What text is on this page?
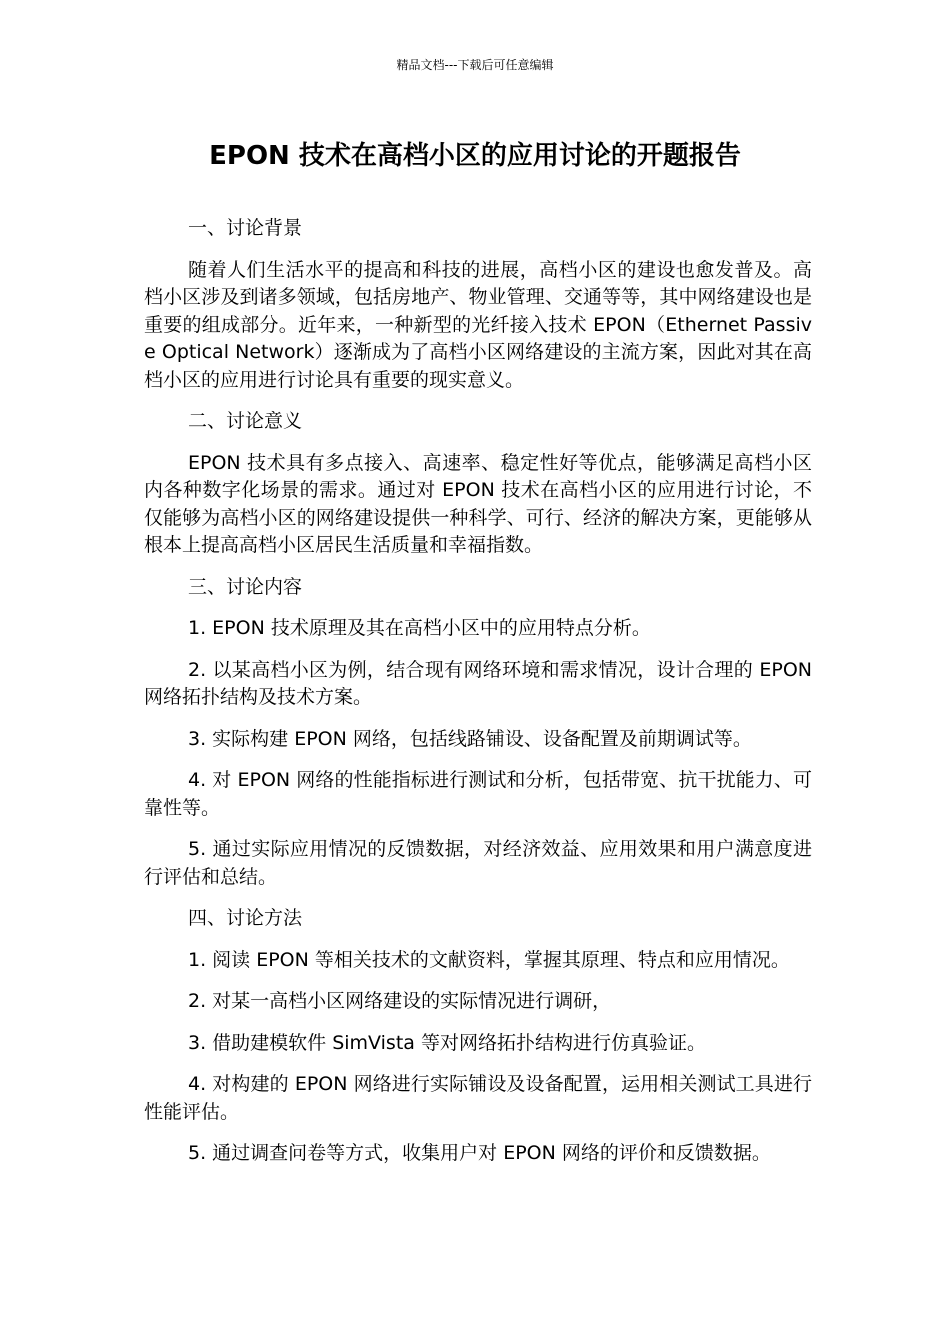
精品文档---下载后可任意编辑
EPON 技术在高档小区的应用讨论的开题报告

一、讨论背景

随着人们生活水平的提高和科技的进展，高档小区的建设也愈发普及。高档小区涉及到诸多领域，包括房地产、物业管理、交通等等，其中网络建设也是重要的组成部分。近年来，一种新型的光纤接入技术 EPON（Ethernet Passive Optical Network）逐渐成为了高档小区网络建设的主流方案，因此对其在高档小区的应用进行讨论具有重要的现实意义。

二、讨论意义

EPON 技术具有多点接入、高速率、稳定性好等优点，能够满足高档小区内各种数字化场景的需求。通过对 EPON 技术在高档小区的应用进行讨论，不仅能够为高档小区的网络建设提供一种科学、可行、经济的解决方案，更能够从根本上提高高档小区居民生活质量和幸福指数。

三、讨论内容

1. EPON 技术原理及其在高档小区中的应用特点分析。

2. 以某高档小区为例，结合现有网络环境和需求情况，设计合理的 EPON 网络拓扑结构及技术方案。

3. 实际构建 EPON 网络，包括线路铺设、设备配置及前期调试等。

4. 对 EPON 网络的性能指标进行测试和分析，包括带宽、抗干扰能力、可靠性等。

5. 通过实际应用情况的反馈数据，对经济效益、应用效果和用户满意度进行评估和总结。

四、讨论方法

1. 阅读 EPON 等相关技术的文献资料，掌握其原理、特点和应用情况。

2. 对某一高档小区网络建设的实际情况进行调研，

3. 借助建模软件 SimVista 等对网络拓扑结构进行仿真验证。

4. 对构建的 EPON 网络进行实际铺设及设备配置，运用相关测试工具进行性能评估。

5. 通过调查问卷等方式，收集用户对 EPON 网络的评价和反馈数据。
